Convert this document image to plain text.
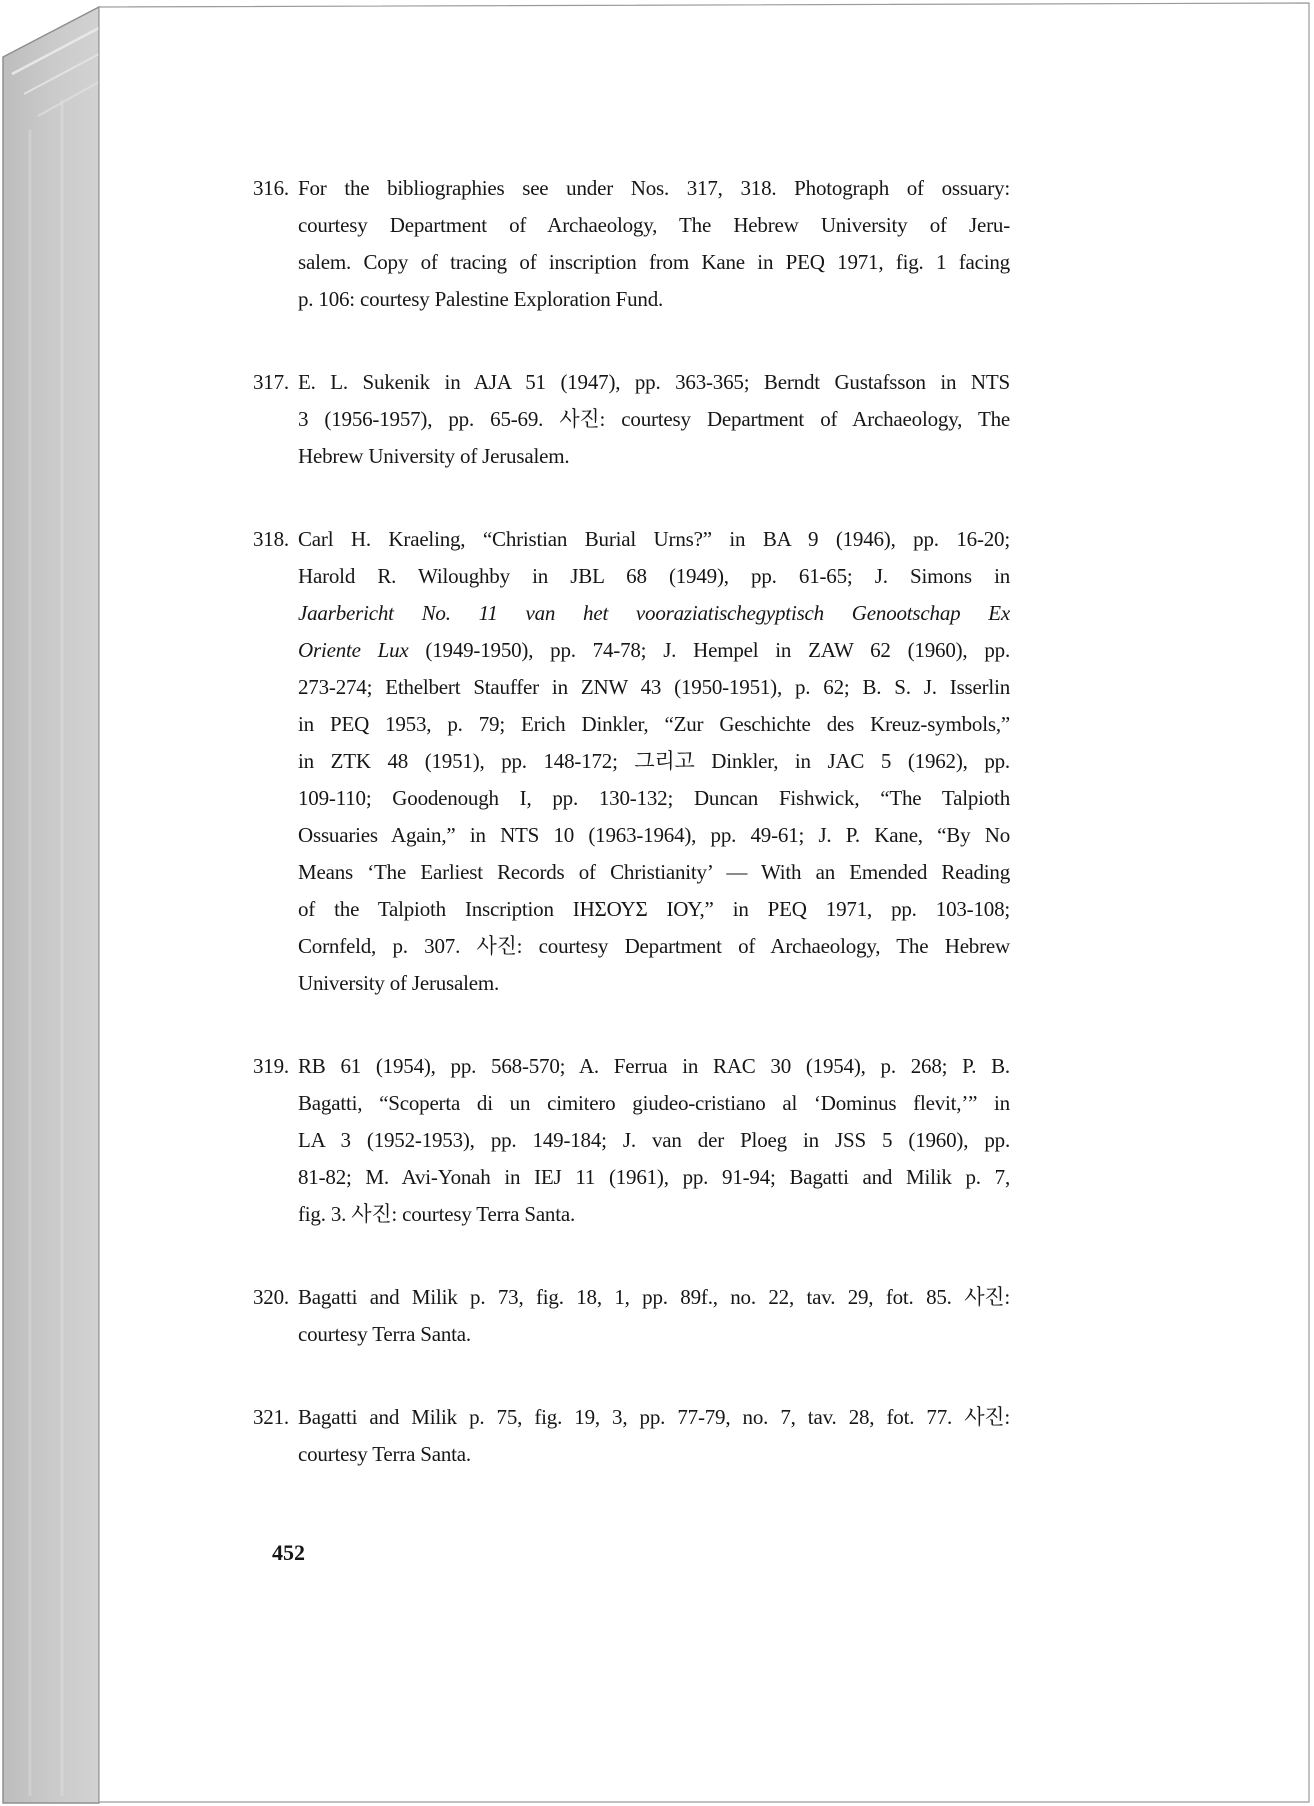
316. For the bibliographies see under Nos. 317, 318. Photograph of ossuary:
courtesy Department of Archaeology, The Hebrew University of Jeru-
salem. Copy of tracing of inscription from Kane in PEQ 1971, fig. 1 facing
p. 106: courtesy Palestine Exploration Fund.
317. E. L. Sukenik in AJA 51 (1947), pp. 363-365; Berndt Gustafsson in NTS
3 (1956-1957), pp. 65-69. 사진: courtesy Department of Archaeology, The
Hebrew University of Jerusalem.
318. Carl H. Kraeling, “Christian Burial Urns?” in BA 9 (1946), pp. 16-20;
Harold R. Wiloughby in JBL 68 (1949), pp. 61-65; J. Simons in
Jaarbericht No. 11 van het vooraziatischegyptisch Genootschap Ex
Oriente Lux (1949-1950), pp. 74-78; J. Hempel in ZAW 62 (1960), pp.
273-274; Ethelbert Stauffer in ZNW 43 (1950-1951), p. 62; B. S. J. Isserlin
in PEQ 1953, p. 79; Erich Dinkler, “Zur Geschichte des Kreuz-symbols,”
in ZTK 48 (1951), pp. 148-172; 그리고 Dinkler, in JAC 5 (1962), pp.
109-110; Goodenough I, pp. 130-132; Duncan Fishwick, “The Talpioth
Ossuaries Again,” in NTS 10 (1963-1964), pp. 49-61; J. P. Kane, “By No
Means ‘The Earliest Records of Christianity’ — With an Emended Reading
of the Talpioth Inscription ΙΗΣΟΥΣ ΙΟΥ,” in PEQ 1971, pp. 103-108;
Cornfeld, p. 307. 사진: courtesy Department of Archaeology, The Hebrew
University of Jerusalem.
319. RB 61 (1954), pp. 568-570; A. Ferrua in RAC 30 (1954), p. 268; P. B.
Bagatti, “Scoperta di un cimitero giudeo-cristiano al ‘Dominus flevit,’” in
LA 3 (1952-1953), pp. 149-184; J. van der Ploeg in JSS 5 (1960), pp.
81-82; M. Avi-Yonah in IEJ 11 (1961), pp. 91-94; Bagatti and Milik p. 7,
fig. 3. 사진: courtesy Terra Santa.
320. Bagatti and Milik p. 73, fig. 18, 1, pp. 89f., no. 22, tav. 29, fot. 85. 사진:
courtesy Terra Santa.
321. Bagatti and Milik p. 75, fig. 19, 3, pp. 77-79, no. 7, tav. 28, fot. 77. 사진:
courtesy Terra Santa.
452
